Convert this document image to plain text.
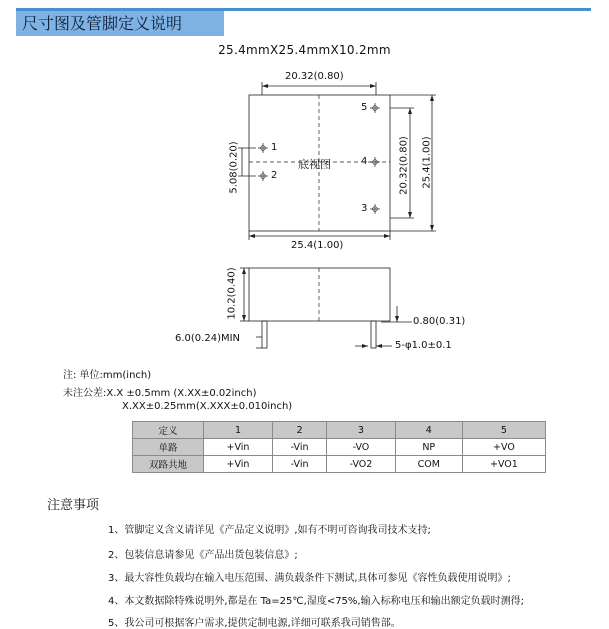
尺寸图及管脚定义说明
25.4mmX25.4mmX10.2mm
20.32(0.80)
25.4(1.00)
底视图
1
2
3
4
5
5.08(0.20)	20.32(0.80) 25.4(1.00)
10.2(0.40)
6.0(0.24)MIN
0.80(0.31)
5-φ1.0±0.1
注: 单位:mm(inch)
未注公差:X.X ±0.5mm (X.XX±0.02inch)
X.XX±0.25mm(X.XXX±0.010inch)
定义	1	2	3	4	5
单路	+Vin	-Vin	-VO	NP	+VO
双路共地	+Vin	-Vin	-VO2	COM	+VO1
注意事项
1、管脚定义含义请详见《产品定义说明》,如有不明可咨询我司技术支持;
2、包装信息请参见《产品出货包装信息》;
3、最大容性负载均在输入电压范围、满负载条件下测试,具体可参见《容性负载使用说明》;
4、本文数据除特殊说明外,都是在 Ta=25℃,湿度<75%,输入标称电压和输出额定负载时测得;
5、我公司可根据客户需求,提供定制电源,详细可联系我司销售部。
